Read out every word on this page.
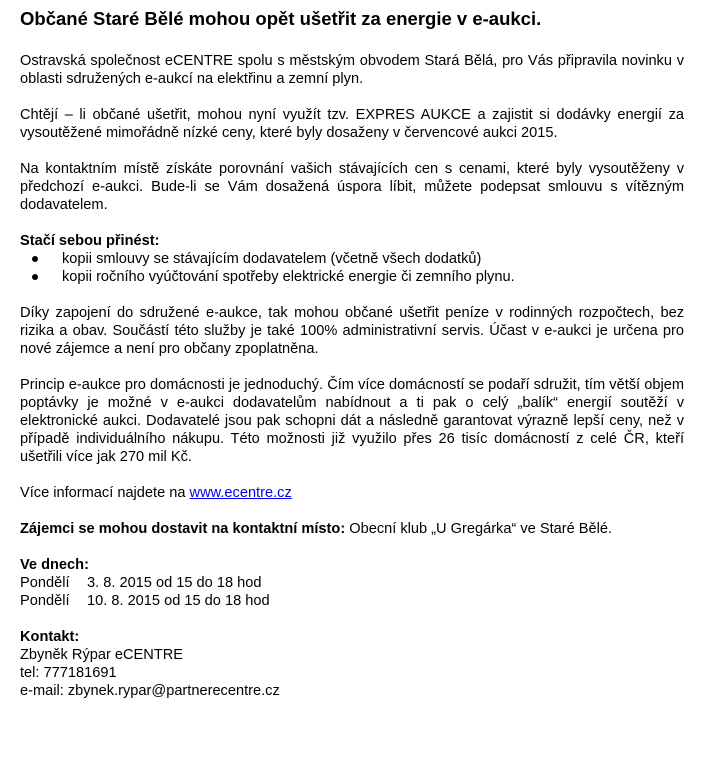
Občané Staré Bělé mohou opět ušetřit za energie v e-aukci.

Ostravská společnost eCENTRE spolu s městským obvodem Stará Bělá, pro Vás připravila novinku v oblasti sdružených e-aukcí na elektřinu a zemní plyn.

Chtějí – li občané ušetřit, mohou nyní využít tzv. EXPRES AUKCE a zajistit si dodávky energií za vysoutěžené mimořádně nízké ceny, které byly dosaženy v červencové aukci 2015.

Na kontaktním místě získáte porovnání vašich stávajících cen s cenami, které byly vysoutěženy v předchozí e-aukci. Bude-li se Vám dosažená úspora líbit, můžete podepsat smlouvu s vítězným dodavatelem.

Stačí sebou přinést:

kopii smlouvy se stávajícím dodavatelem (včetně všech dodatků)
kopii ročního vyúčtování spotřeby elektrické energie či zemního plynu.

Díky zapojení do sdružené e-aukce, tak mohou občané ušetřit peníze v rodinných rozpočtech, bez rizika a obav. Součástí této služby je také 100% administrativní servis. Účast v e-aukci je určena pro nové zájemce a není pro občany zpoplatněna.

Princip e-aukce pro domácnosti je jednoduchý. Čím více domácností se podaří sdružit, tím větší objem poptávky je možné v e-aukci dodavatelům nabídnout a ti pak o celý „balík“ energií soutěží v elektronické aukci. Dodavatelé jsou pak schopni dát a následně garantovat výrazně lepší ceny, než v případě individuálního nákupu. Této možnosti již využilo přes 26 tisíc domácností z celé ČR, kteří ušetřili více jak 270 mil Kč.

Více informací najdete na www.ecentre.cz

Zájemci se mohou dostavit na kontaktní místo: Obecní klub „U Gregárka“ ve Staré Bělé.

Ve dnech:

Pondělí 3. 8. 2015 od 15 do 18 hod

Pondělí 10. 8. 2015 od 15 do 18 hod

Kontakt:

Zbyněk Rýpar eCENTRE

tel: 777181691

e-mail: zbynek.rypar@partnerecentre.cz
